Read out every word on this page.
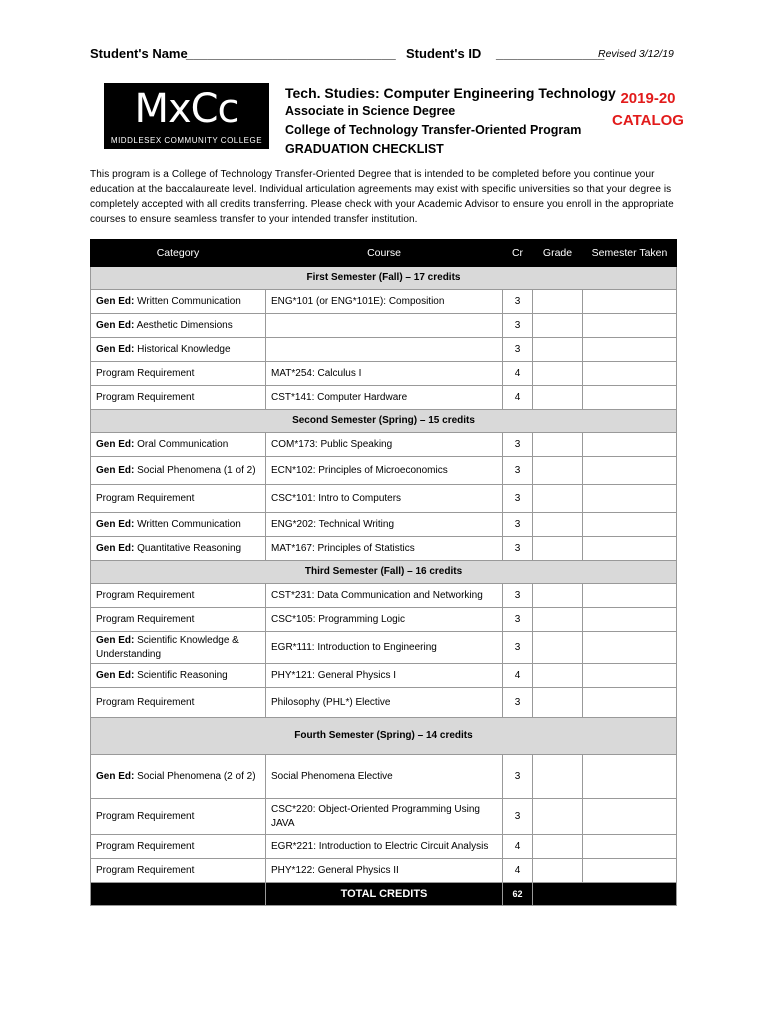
Student's Name
_____________________________ Student's ID _______________
Revised 3/12/19
MxCc
MIDDLESEX COMMUNITY COLLEGE
Tech. Studies: Computer Engineering Technology
Associate in Science Degree
College of Technology Transfer-Oriented Program
GRADUATION CHECKLIST
2019-20
CATALOG
This program is a College of Technology Transfer-Oriented Degree that is intended to be completed before you continue your education at the baccalaureate level. Individual articulation agreements may exist with specific universities so that your degree is completely accepted with all credits transferring. Please check with your Academic Advisor to ensure you enroll in the appropriate courses to ensure seamless transfer to your intended transfer institution.
Category	Course	Cr	Grade	Semester Taken
First Semester (Fall) – 17 credits				
Gen Ed: Written Communication	ENG*101 (or ENG*101E): Composition	3		
Gen Ed: Aesthetic Dimensions		3		
Gen Ed: Historical Knowledge		3		
Program Requirement	MAT*254: Calculus I	4		
Program Requirement	CST*141: Computer Hardware	4		
Second Semester (Spring) – 15 credits				
Gen Ed: Oral Communication	COM*173: Public Speaking	3		
Gen Ed: Social Phenomena (1 of 2)	ECN*102: Principles of Microeconomics	3		
Program Requirement	CSC*101: Intro to Computers	3		
Gen Ed: Written Communication	ENG*202: Technical Writing	3		
Gen Ed: Quantitative Reasoning	MAT*167: Principles of Statistics	3		
Third Semester (Fall) – 16 credits				
Program Requirement	CST*231: Data Communication and Networking	3		
Program Requirement	CSC*105: Programming Logic	3		
Gen Ed: Scientific Knowledge & Understanding	EGR*111: Introduction to Engineering	3		
Gen Ed: Scientific Reasoning	PHY*121: General Physics I	4		
Program Requirement	Philosophy (PHL*) Elective	3		
Fourth Semester (Spring) – 14 credits				
Gen Ed: Social Phenomena (2 of 2)	Social Phenomena Elective	3		
Program Requirement	CSC*220: Object-Oriented Programming Using JAVA	3		
Program Requirement	EGR*221: Introduction to Electric Circuit Analysis	4		
Program Requirement	PHY*122: General Physics II	4		
	TOTAL CREDITS	62		
